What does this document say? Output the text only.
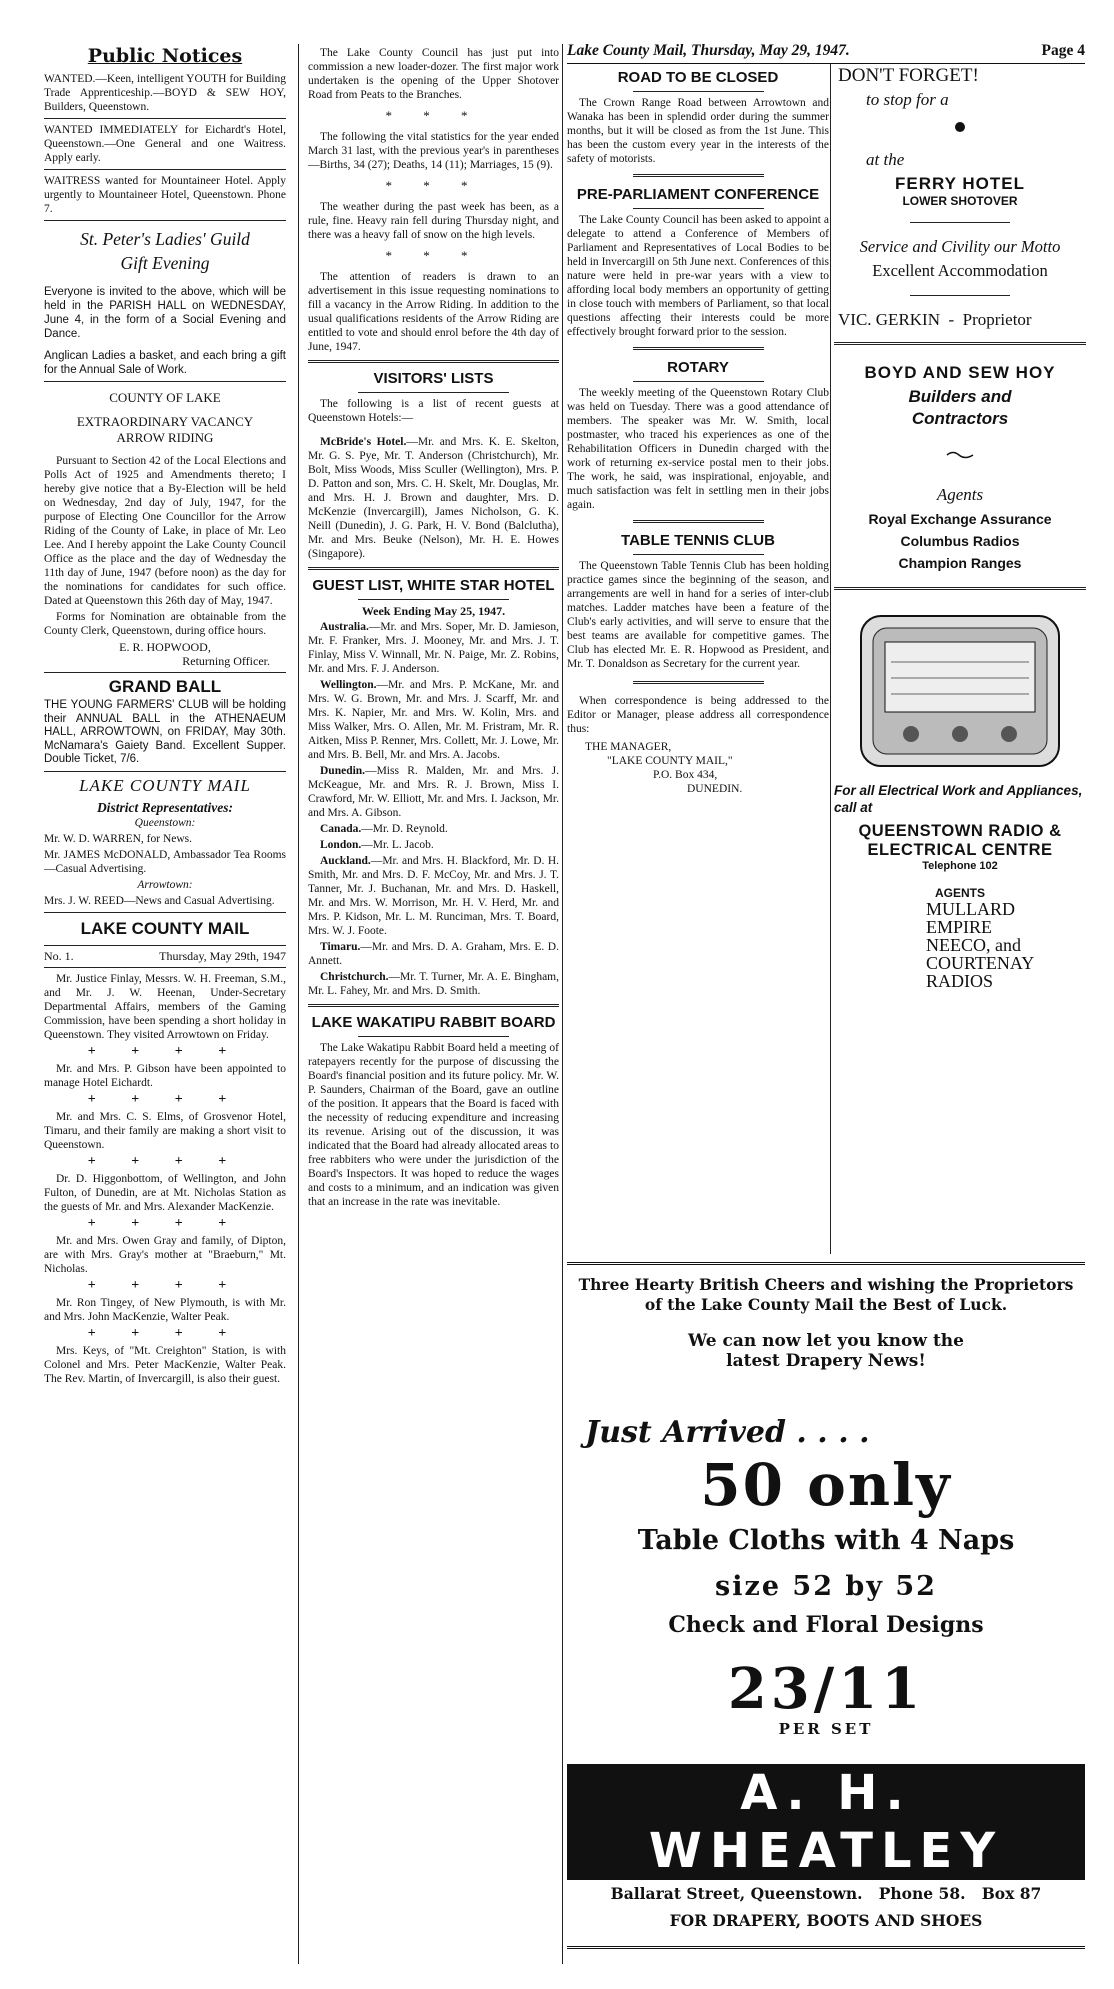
Lake County Mail, Thursday, May 29, 1947.	Page 4
Public Notices

WANTED.—Keen, intelligent YOUTH for Building Trade Apprenticeship.—BOYD & SEW HOY, Builders, Queenstown.

WANTED IMMEDIATELY for Eichardt's Hotel, Queenstown.—One General and one Waitress. Apply early.

WAITRESS wanted for Mountaineer Hotel. Apply urgently to Mountaineer Hotel, Queenstown. Phone 7.

St. Peter's Ladies' Guild
Gift Evening

Everyone is invited to the above, which will be held in the PARISH HALL on WEDNESDAY, June 4, in the form of a Social Evening and Dance.

Anglican Ladies a basket, and each bring a gift for the Annual Sale of Work.

COUNTY OF LAKE
EXTRAORDINARY VACANCY
ARROW RIDING

Pursuant to Section 42 of the Local Elections and Polls Act of 1925 and Amendments thereto; I hereby give notice that a By-Election will be held on Wednesday, 2nd day of July, 1947, for the purpose of Electing One Councillor for the Arrow Riding of the County of Lake, in place of Mr. Leo Lee. And I hereby appoint the Lake County Council Office as the place and the day of Wednesday the 11th day of June, 1947 (before noon) as the day for the nominations for candidates for such office. Dated at Queenstown this 26th day of May, 1947.

Forms for Nomination are obtainable from the County Clerk, Queenstown, during office hours.

E. R. HOPWOOD,
Returning Officer.
GRAND BALL

THE YOUNG FARMERS' CLUB will be holding their ANNUAL BALL in the ATHENAEUM HALL, ARROWTOWN, on FRIDAY, May 30th. McNamara's Gaiety Band. Excellent Supper. Double Ticket, 7/6.

LAKE COUNTY MAIL
District Representatives:
Queenstown:

Mr. W. D. WARREN, for News.

Mr. JAMES McDONALD, Ambassador Tea Rooms—Casual Advertising.

Arrowtown:

Mrs. J. W. REED—News and Casual Advertising.

LAKE COUNTY MAIL
No. 1.	Thursday, May 29th, 1947

Mr. Justice Finlay, Messrs. W. H. Freeman, S.M., and Mr. J. W. Heenan, Under-Secretary Departmental Affairs, members of the Gaming Commission, have been spending a short holiday in Queenstown. They visited Arrowtown on Friday.

+ + + +

Mr. and Mrs. P. Gibson have been appointed to manage Hotel Eichardt.

+ + + +

Mr. and Mrs. C. S. Elms, of Grosvenor Hotel, Timaru, and their family are making a short visit to Queenstown.

+ + + +

Dr. D. Higgonbottom, of Wellington, and John Fulton, of Dunedin, are at Mt. Nicholas Station as the guests of Mr. and Mrs. Alexander MacKenzie.

+ + + +

Mr. and Mrs. Owen Gray and family, of Dipton, are with Mrs. Gray's mother at "Braeburn," Mt. Nicholas.

+ + + +

Mr. Ron Tingey, of New Plymouth, is with Mr. and Mrs. John MacKenzie, Walter Peak.

+ + + +

Mrs. Keys, of "Mt. Creighton" Station, is with Colonel and Mrs. Peter MacKenzie, Walter Peak. The Rev. Martin, of Invercargill, is also their guest.

The Lake County Council has just put into commission a new loader-dozer. The first major work undertaken is the opening of the Upper Shotover Road from Peats to the Branches.

* * *

The following the vital statistics for the year ended March 31 last, with the previous year's in parentheses—Births, 34 (27); Deaths, 14 (11); Marriages, 15 (9).

* * *

The weather during the past week has been, as a rule, fine. Heavy rain fell during Thursday night, and there was a heavy fall of snow on the high levels.

* * *

The attention of readers is drawn to an advertisement in this issue requesting nominations to fill a vacancy in the Arrow Riding. In addition to the usual qualifications residents of the Arrow Riding are entitled to vote and should enrol before the 4th day of June, 1947.

VISITORS' LISTS

The following is a list of recent guests at Queenstown Hotels:—

McBride's Hotel.—Mr. and Mrs. K. E. Skelton, Mr. G. S. Pye, Mr. T. Anderson (Christchurch), Mr. Bolt, Miss Woods, Miss Sculler (Wellington), Mrs. P. D. Patton and son, Mrs. C. H. Skelt, Mr. Douglas, Mr. and Mrs. H. J. Brown and daughter, Mrs. D. McKenzie (Invercargill), James Nicholson, G. K. Neill (Dunedin), J. G. Park, H. V. Bond (Balclutha), Mr. and Mrs. Beuke (Nelson), Mr. H. E. Howes (Singapore).

GUEST LIST, WHITE STAR HOTEL
Week Ending May 25, 1947.

Australia.—Mr. and Mrs. Soper, Mr. D. Jamieson, Mr. F. Franker, Mrs. J. Mooney, Mr. and Mrs. J. T. Finlay, Miss V. Winnall, Mr. N. Paige, Mr. Z. Robins, Mr. and Mrs. F. J. Anderson.

Wellington.—Mr. and Mrs. P. McKane, Mr. and Mrs. W. G. Brown, Mr. and Mrs. J. Scarff, Mr. and Mrs. K. Napier, Mr. and Mrs. W. Kolin, Mrs. and Miss Walker, Mrs. O. Allen, Mr. M. Fristram, Mr. R. Aitken, Miss P. Renner, Mrs. Collett, Mr. J. Lowe, Mr. and Mrs. B. Bell, Mr. and Mrs. A. Jacobs.

Dunedin.—Miss R. Malden, Mr. and Mrs. J. McKeague, Mr. and Mrs. R. J. Brown, Miss I. Crawford, Mr. W. Elliott, Mr. and Mrs. I. Jackson, Mr. and Mrs. A. Gibson.

Canada.—Mr. D. Reynold.

London.—Mr. L. Jacob.

Auckland.—Mr. and Mrs. H. Blackford, Mr. D. H. Smith, Mr. and Mrs. D. F. McCoy, Mr. and Mrs. J. T. Tanner, Mr. J. Buchanan, Mr. and Mrs. D. Haskell, Mr. and Mrs. W. Morrison, Mr. H. V. Herd, Mr. and Mrs. P. Kidson, Mr. L. M. Runciman, Mrs. T. Board, Mrs. W. J. Foote.

Timaru.—Mr. and Mrs. D. A. Graham, Mrs. E. D. Annett.

Christchurch.—Mr. T. Turner, Mr. A. E. Bingham, Mr. L. Fahey, Mr. and Mrs. D. Smith.

LAKE WAKATIPU RABBIT BOARD

The Lake Wakatipu Rabbit Board held a meeting of ratepayers recently for the purpose of discussing the Board's financial position and its future policy. Mr. W. P. Saunders, Chairman of the Board, gave an outline of the position. It appears that the Board is faced with the necessity of reducing expenditure and increasing its revenue. Arising out of the discussion, it was indicated that the Board had already allocated areas to free rabbiters who were under the jurisdiction of the Board's Inspectors. It was hoped to reduce the wages and costs to a minimum, and an indication was given that an increase in the rate was inevitable.

ROAD TO BE CLOSED

The Crown Range Road between Arrowtown and Wanaka has been in splendid order during the summer months, but it will be closed as from the 1st June. This has been the custom every year in the interests of the safety of motorists.

PRE-PARLIAMENT CONFERENCE

The Lake County Council has been asked to appoint a delegate to attend a Conference of Members of Parliament and Representatives of Local Bodies to be held in Invercargill on 5th June next. Conferences of this nature were held in pre-war years with a view to affording local body members an opportunity of getting in close touch with members of Parliament, so that local questions affecting their interests could be more effectively brought forward prior to the session.

ROTARY

The weekly meeting of the Queenstown Rotary Club was held on Tuesday. There was a good attendance of members. The speaker was Mr. W. Smith, local postmaster, who traced his experiences as one of the Rehabilitation Officers in Dunedin charged with the work of returning ex-service postal men to their jobs. The work, he said, was inspirational, enjoyable, and much satisfaction was felt in settling men in their jobs again.

TABLE TENNIS CLUB

The Queenstown Table Tennis Club has been holding practice games since the beginning of the season, and arrangements are well in hand for a series of inter-club matches. Ladder matches have been a feature of the Club's early activities, and will serve to ensure that the best teams are available for competitive games. The Club has elected Mr. E. R. Hopwood as President, and Mr. T. Donaldson as Secretary for the current year.

When correspondence is being addressed to the Editor or Manager, please address all correspondence thus:

THE MANAGER,
"LAKE COUNTY MAIL,"
P.O. Box 434,
DUNEDIN.
DON'T FORGET!
to stop for a
at the
FERRY HOTEL
LOWER SHOTOVER
Service and Civility our Motto
Excellent Accommodation
VIC. GERKIN  -  Proprietor
BOYD AND SEW HOY
Builders and
Contractors
Agents
Royal Exchange Assurance
Columbus Radios
Champion Ranges
For all Electrical Work and Appliances, call at
QUEENSTOWN RADIO &
ELECTRICAL CENTRE
Telephone 102
AGENTS
MULLARD
EMPIRE
NEECO, and
COURTENAY
RADIOS
Three Hearty British Cheers and wishing the Proprietors of the Lake County Mail the Best of Luck.
We can now let you know the
latest Drapery News!
Just Arrived . . . .
50 only
Table Cloths with 4 Naps
size 52 by 52
Check and Floral Designs
23/11
PER SET
A. H. WHEATLEY
Ballarat Street, Queenstown.   Phone 58.   Box 87
FOR DRAPERY, BOOTS AND SHOES
